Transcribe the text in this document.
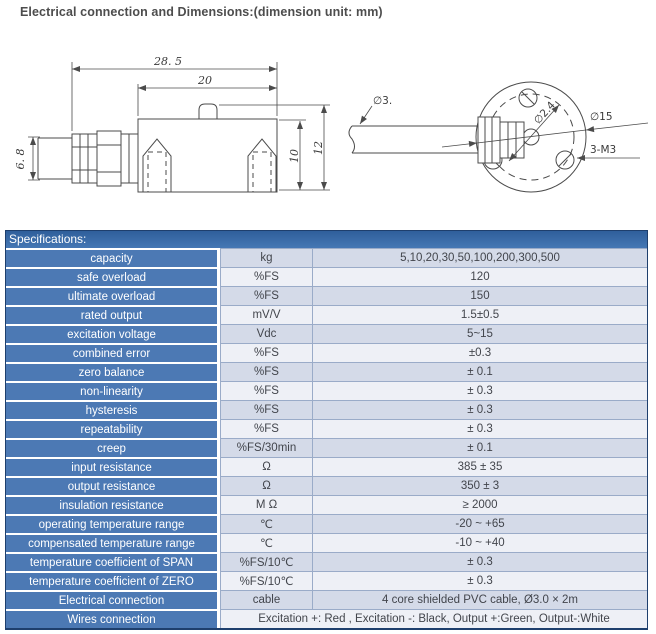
Electrical connection and Dimensions:(dimension unit: mm)
28. 5
20
6. 8	10
12
∅3.
∅15
3-M3
∅2.4
Specifications:
capacity	kg	5,10,20,30,50,100,200,300,500
safe overload	%FS	120
ultimate overload	%FS	150
rated output	mV/V	1.5±0.5
excitation voltage	Vdc	5~15
combined error	%FS	±0.3
zero balance	%FS	± 0.1
non-linearity	%FS	± 0.3
hysteresis	%FS	± 0.3
repeatability	%FS	± 0.3
creep	%FS/30min	± 0.1
input resistance	Ω	385 ± 35
output resistance	Ω	350 ± 3
insulation resistance	M Ω	≥ 2000
operating temperature range	℃	-20 ~ +65
compensated temperature range	℃	-10 ~ +40
temperature coefficient of SPAN	%FS/10℃	± 0.3
temperature coefficient of ZERO	%FS/10℃	± 0.3
Electrical connection	cable	4 core shielded PVC cable, Ø3.0 × 2m
Wires connection	Excitation +: Red , Excitation -: Black, Output +:Green, Output-:White
